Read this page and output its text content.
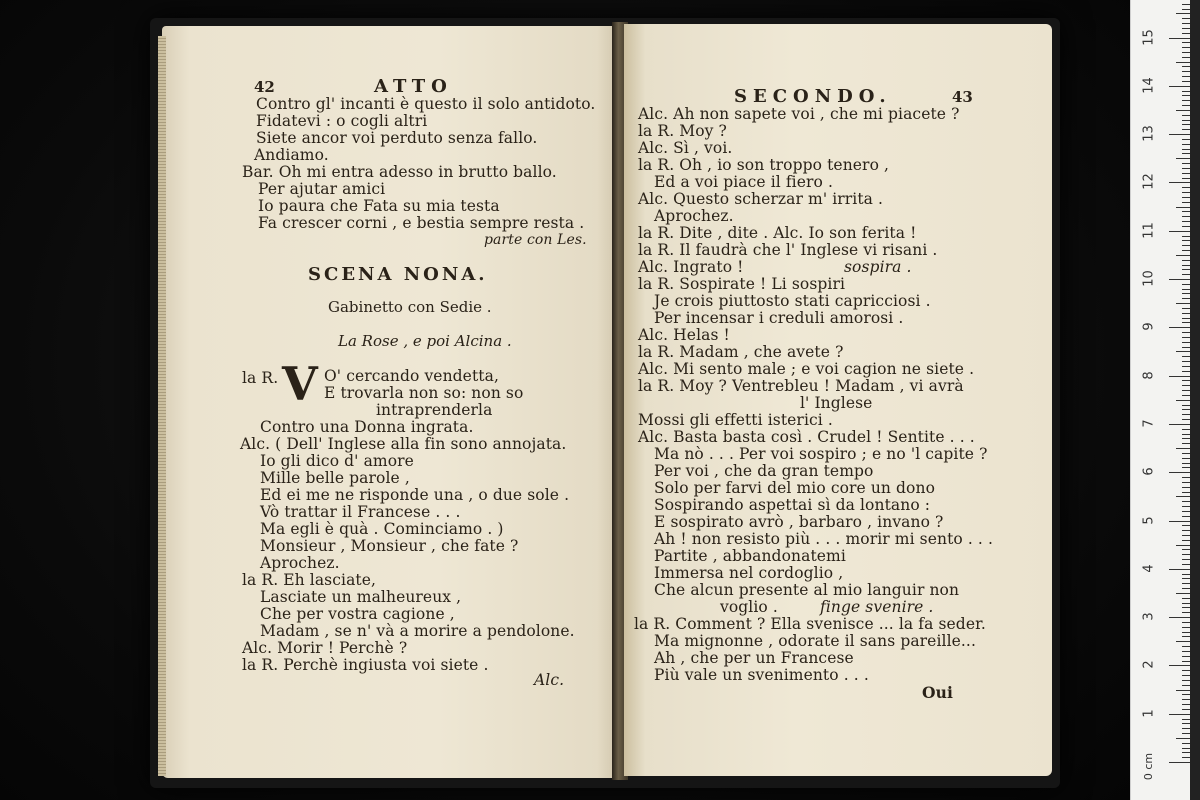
42	ATTO
Contro gl' incanti è questo il solo antidoto.
Fidatevi : o cogli altri
Siete ancor voi perduto senza fallo.
Andiamo.
Bar. Oh mi entra adesso in brutto ballo.
Per ajutar amici
Io paura che Fata su mia testa
Fa crescer corni , e bestia sempre resta .
parte con Les.
SCENA NONA.
Gabinetto con Sedie .
La Rose , e poi Alcina .
la R. V O' cercando vendetta,
E trovarla non so: non so
intraprenderla
Contro una Donna ingrata.
Alc. ( Dell' Inglese alla fin sono annojata.
Io gli dico d' amore
Mille belle parole ,
Ed ei me ne risponde una , o due sole .
Vò trattar il Francese . . .
Ma egli è quà . Cominciamo . )
Monsieur , Monsieur , che fate ?
Aprochez.
la R. Eh lasciate,
Lasciate un malheureux ,
Che per vostra cagione ,
Madam , se n' và a morire a pendolone.
Alc. Morir ! Perchè ?
la R. Perchè ingiusta voi siete .
Alc.
SECONDO.	43
Alc. Ah non sapete voi , che mi piacete ?
la R. Moy ?
Alc. Sì , voi.
la R. Oh , io son troppo tenero ,
Ed a voi piace il fiero .
Alc. Questo scherzar m' irrita .
Aprochez.
la R. Dite , dite . Alc. Io son ferita !
la R. Il faudrà che l' Inglese vi risani .
Alc. Ingrato !	sospira .
la R. Sospirate ! Li sospiri
Je crois piuttosto stati capricciosi .
Per incensar i creduli amorosi .
Alc. Helas !
la R. Madam , che avete ?
Alc. Mi sento male ; e voi cagion ne siete .
la R. Moy ? Ventrebleu ! Madam , vi avrà
l' Inglese
Mossi gli effetti isterici .
Alc. Basta basta così . Crudel ! Sentite . . .
Ma nò . . . Per voi sospiro ; e no 'l capite ?
Per voi , che da gran tempo
Solo per farvi del mio core un dono
Sospirando aspettai sì da lontano :
E sospirato avrò , barbaro , invano ?
Ah ! non resisto più . . . morir mi sento . . .
Partite , abbandonatemi
Immersa nel cordoglio ,
Che alcun presente al mio languir non
voglio .	finge svenire .
la R. Comment ? Ella svenisce ... la fa seder.
Ma mignonne , odorate il sans pareille...
Ah , che per un Francese
Più vale un svenimento . . .
Oui
0 cm
1
2
3
4
5
6
7
8
9
10
11
12
13
14
15
